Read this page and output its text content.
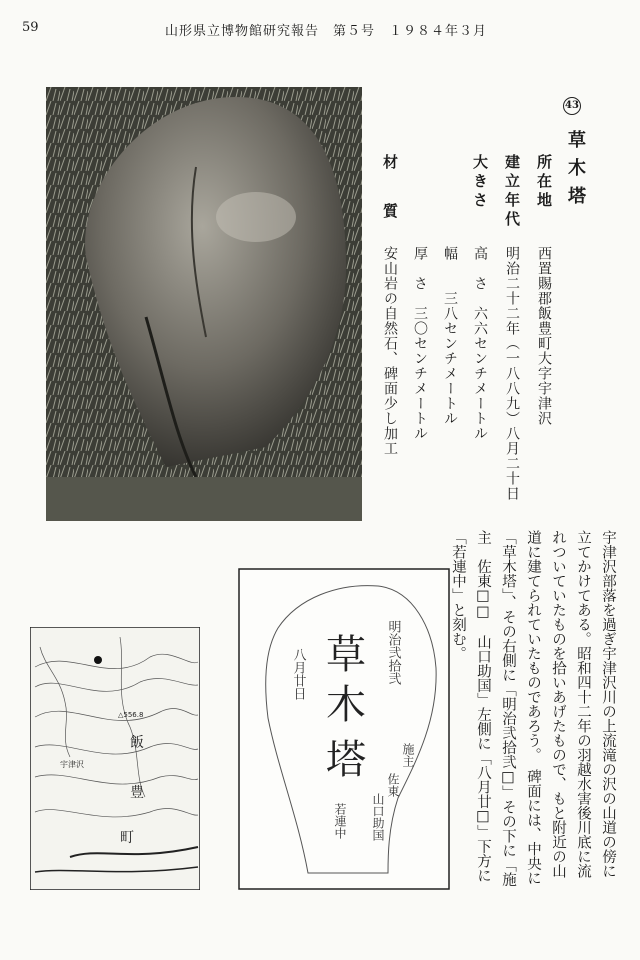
59	山形県立博物館研究報告　第５号　１９８４年３月
43
草木塔
所在地
西置賜郡飯豊町大字宇津沢
建立年代
明治二十二年（一八八九）八月二十日
大きさ
高　さ　六六センチメートル
幅　　三八センチメートル
厚　さ　三〇センチメートル
材質
安山岩の自然石、碑面少し加工
宇津沢部落を過ぎ宇津沢川の上流滝の沢の山道の傍に立てかけてある。昭和四十二年の羽越水害後川底に流れついていたものを拾いあげたもので、もと附近の山道に建てられていたものであろう。　碑面には、中央に「草木塔」、その右側に「明治弐拾弐□」その下に「施主　佐東□□　山口助国」左側に「八月廿□」下方に「若連中」と刻む。
草
木
塔
明治弐拾弐
八月廿日
施主
佐東
山口助国
若連中
飯
豊
町
△556.8
宇津沢
